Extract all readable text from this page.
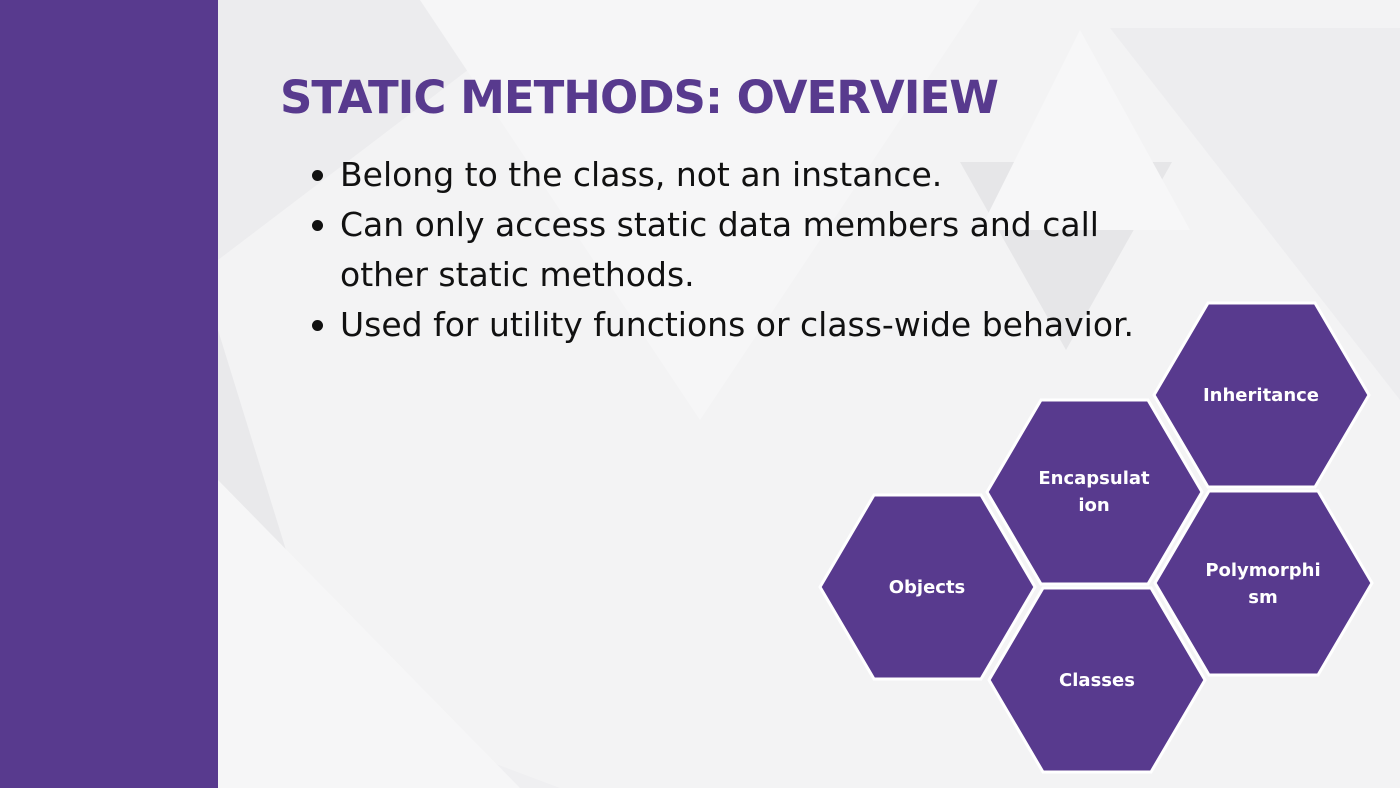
STATIC METHODS: OVERVIEW
Belong to the class, not an instance.
Can only access static data members and call
other static methods.
Used for utility functions or class-wide behavior.
Inheritance
Encapsulat
ion
Objects
Polymorphi
sm
Classes
